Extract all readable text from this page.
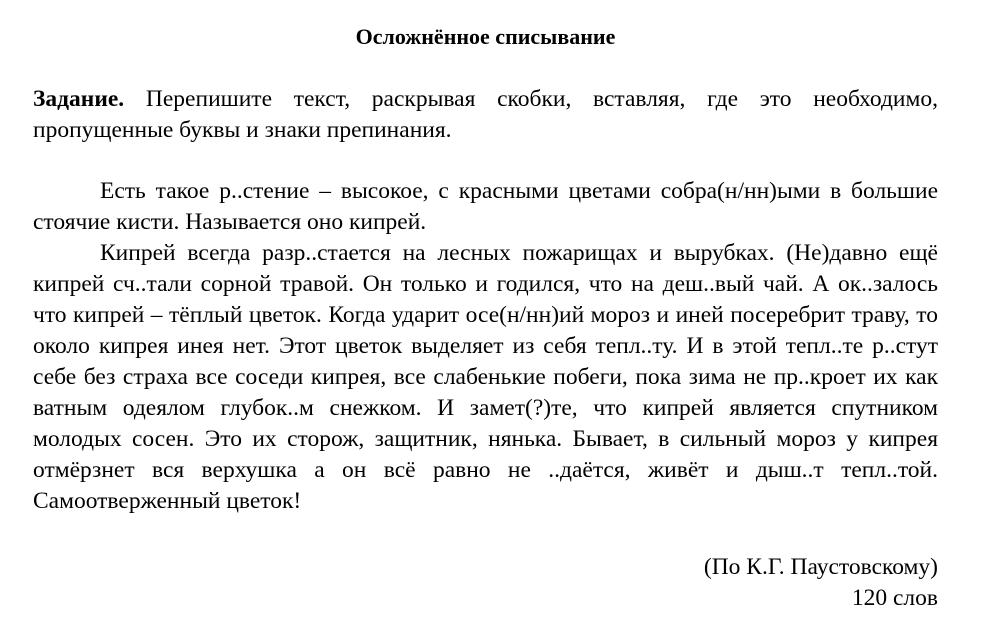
Осложнённое списывание
Задание. Перепишите текст, раскрывая скобки, вставляя, где это необходимо, пропущенные буквы и знаки препинания.

Есть такое р..стение – высокое, с красными цветами собра(н/нн)ыми в большие стоячие кисти. Называется оно кипрей.

Кипрей всегда разр..стается на лесных пожарищах и вырубках. (Не)давно ещё кипрей сч..тали сорной травой. Он только и годился, что на деш..вый чай. А ок..залось что кипрей – тёплый цветок. Когда ударит осе(н/нн)ий мороз и иней посеребрит траву, то около кипрея инея нет. Этот цветок выделяет из себя тепл..ту. И в этой тепл..те р..стут себе без страха все соседи кипрея, все слабенькие побеги, пока зима не пр..кроет их как ватным одеялом глубок..м снежком. И замет(?)те, что кипрей является спутником молодых сосен. Это их сторож, защитник, нянька. Бывает, в сильный мороз у кипрея отмёрзнет вся верхушка а он всё равно не ..даётся, живёт и дыш..т тепл..той. Самоотверженный цветок!

(По К.Г. Паустовскому)
120 слов
